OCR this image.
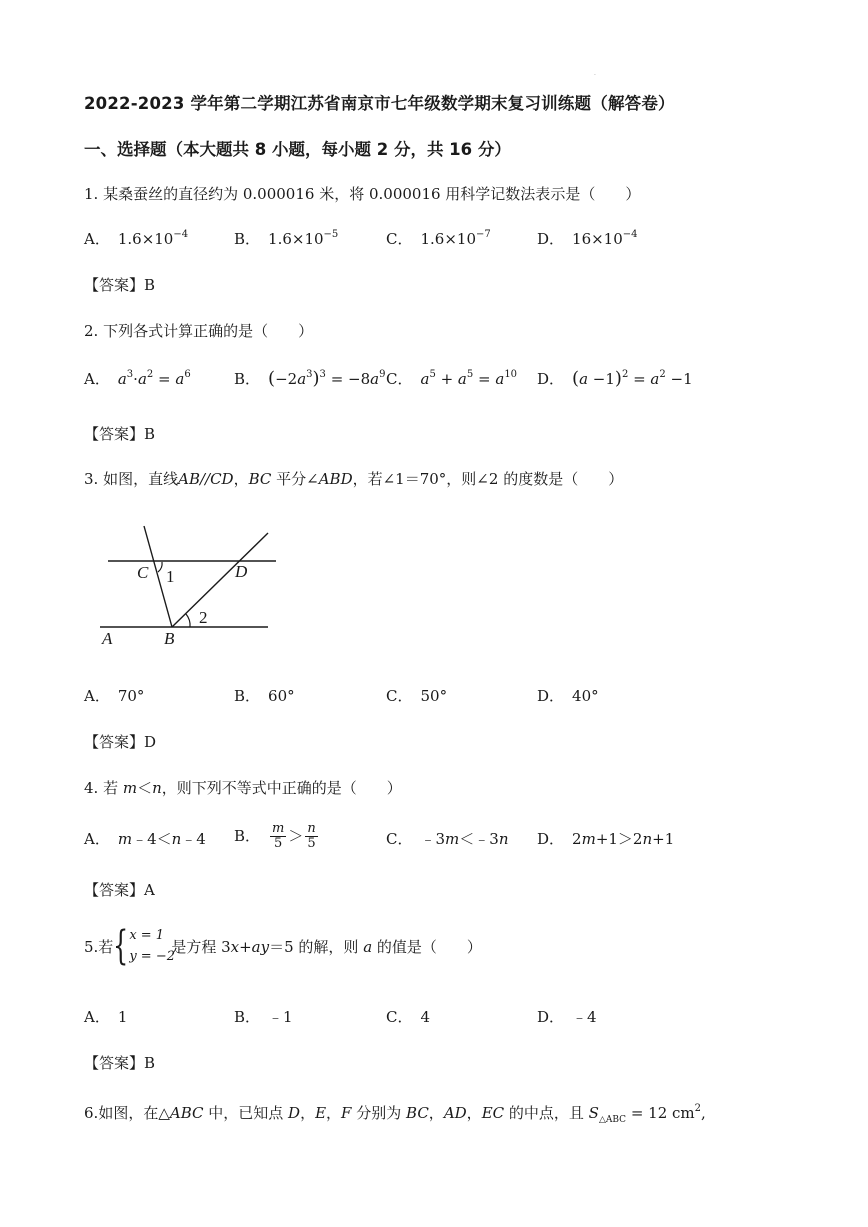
·
2022-2023 学年第二学期江苏省南京市七年级数学期末复习训练题（解答卷）
一、选择题（本大题共 8 小题，每小题 2 分，共 16 分）
1. 某桑蚕丝的直径约为 0.000016 米，将 0.000016 用科学记数法表示是（　　）
A． $1.6\times 10^{-4}$	B． $1.6\times 10^{-5}$	C． $1.6\times 10^{-7}$	D． $16\times 10^{-4}$
【答案】B
2. 下列各式计算正确的是（　　）
A． $a^3\cdot a^2 = a^6$	B． $(-2a^3)^3 = -8a^9$ C． $a^5 + a^5 = a^{10}$ D． $(a -1)^2 = a^2 -1$
【答案】B
3. 如图，直线AB//CD，BC 平分∠ABD，若∠1＝70°，则∠2 的度数是（　　）
C 1	D
2
A	B
A． 70°	B． 60°	C． 50°	D． 40°
【答案】D
4. 若 m＜n，则下列不等式中正确的是（　　）
A． m﹣4＜n﹣4 B． $\frac{m}{5} > \frac{n}{5}$	C． ﹣3m＜﹣3n D． 2m+1＞2n+1
【答案】A
5.若 { x = 1
y = −2
是方程 3x+ay＝5 的解，则 a 的值是（　　）
A． 1	B． ﹣1	C． 4	D． ﹣4
【答案】B
6.如图，在△ABC 中，已知点 D，E，F 分别为 BC，AD，EC 的中点，且 $S_{\triangle ABC} = 12$ $cm^2$,
